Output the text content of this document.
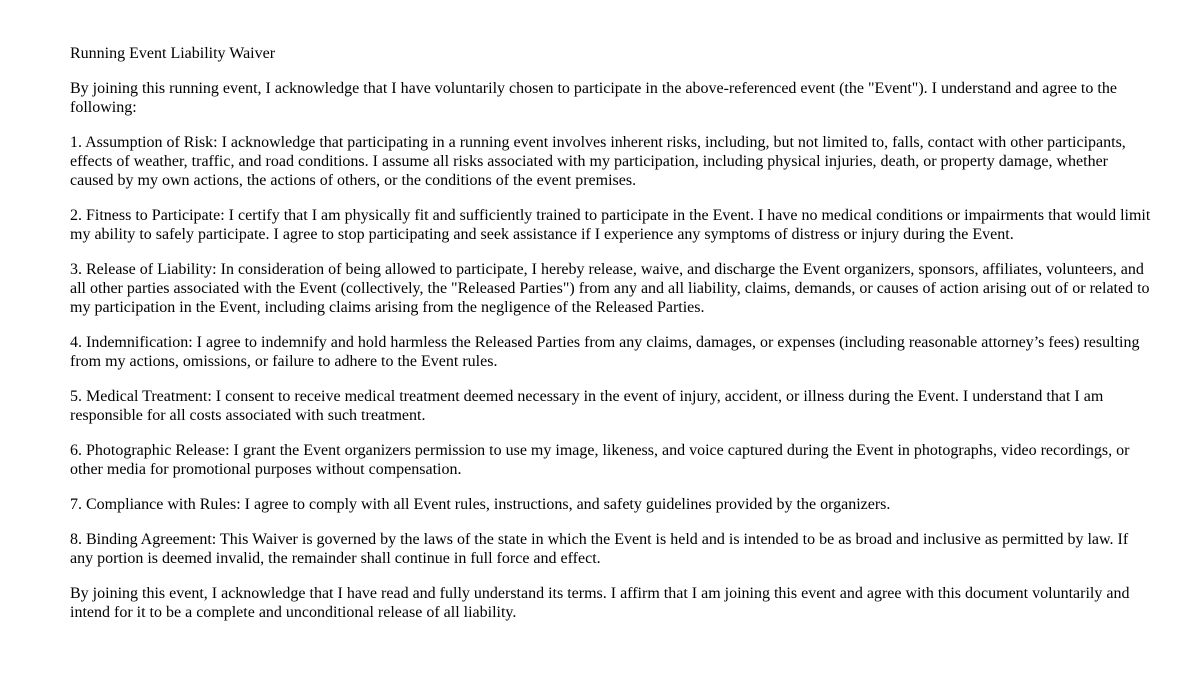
Running Event Liability Waiver

By joining this running event, I acknowledge that I have voluntarily chosen to participate in the above-referenced event (the "Event"). I understand and agree to the following:

1. Assumption of Risk: I acknowledge that participating in a running event involves inherent risks, including, but not limited to, falls, contact with other participants, effects of weather, traffic, and road conditions. I assume all risks associated with my participation, including physical injuries, death, or property damage, whether caused by my own actions, the actions of others, or the conditions of the event premises.

2. Fitness to Participate: I certify that I am physically fit and sufficiently trained to participate in the Event. I have no medical conditions or impairments that would limit my ability to safely participate. I agree to stop participating and seek assistance if I experience any symptoms of distress or injury during the Event.

3. Release of Liability: In consideration of being allowed to participate, I hereby release, waive, and discharge the Event organizers, sponsors, affiliates, volunteers, and all other parties associated with the Event (collectively, the "Released Parties") from any and all liability, claims, demands, or causes of action arising out of or related to my participation in the Event, including claims arising from the negligence of the Released Parties.

4. Indemnification: I agree to indemnify and hold harmless the Released Parties from any claims, damages, or expenses (including reasonable attorney’s fees) resulting from my actions, omissions, or failure to adhere to the Event rules.

5. Medical Treatment: I consent to receive medical treatment deemed necessary in the event of injury, accident, or illness during the Event. I understand that I am responsible for all costs associated with such treatment.

6. Photographic Release: I grant the Event organizers permission to use my image, likeness, and voice captured during the Event in photographs, video recordings, or other media for promotional purposes without compensation.

7. Compliance with Rules: I agree to comply with all Event rules, instructions, and safety guidelines provided by the organizers.

8. Binding Agreement: This Waiver is governed by the laws of the state in which the Event is held and is intended to be as broad and inclusive as permitted by law. If any portion is deemed invalid, the remainder shall continue in full force and effect.

By joining this event, I acknowledge that I have read and fully understand its terms. I affirm that I am joining this event and agree with this document voluntarily and intend for it to be a complete and unconditional release of all liability.
